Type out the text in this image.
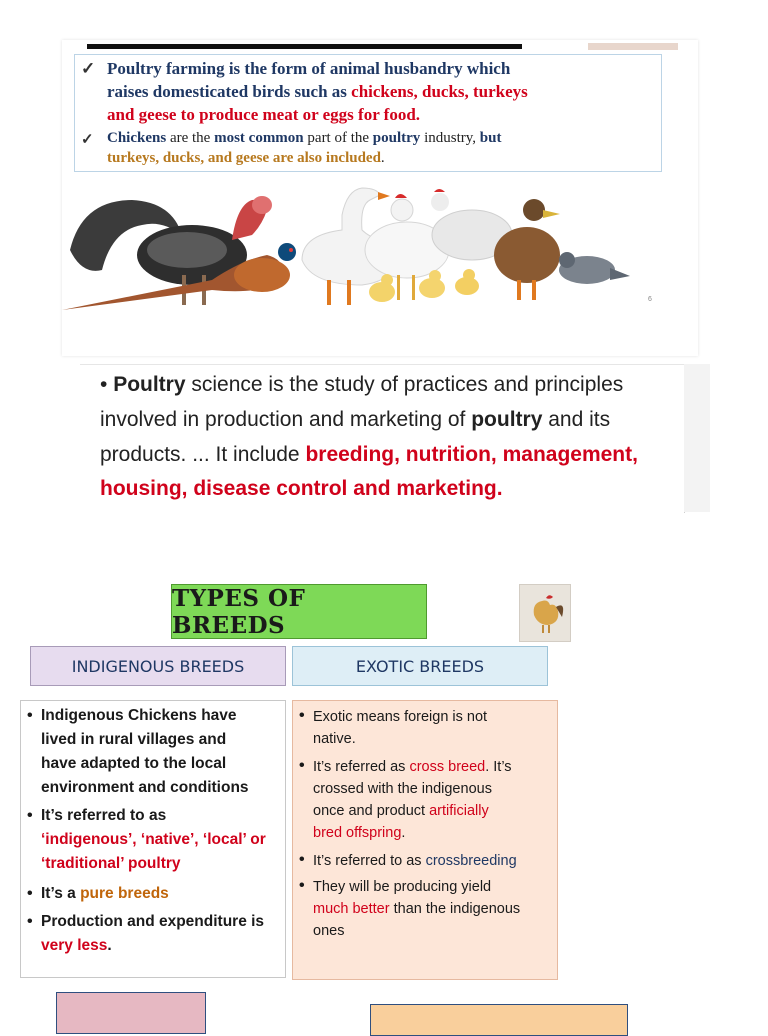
✓ Poultry farming is the form of animal husbandry which
raises domesticated birds such as chickens, ducks, turkeys
and geese to produce meat or eggs for food.
✓ Chickens are the most common part of the poultry industry, but
turkeys, ducks, and geese are also included.
6
• Poultry science is the study of practices and principles
involved in production and marketing of poultry and its
products. ... It include breeding, nutrition, management,
housing, disease control and marketing.
TYPES OF BREEDS
INDIGENOUS BREEDS	EXOTIC BREEDS
• Indigenous Chickens have
lived in rural villages and
have adapted to the local
environment and conditions
• It’s referred to as
‘indigenous’, ‘native’, ‘local’ or
‘traditional’ poultry
• It’s a pure breeds
• Production and expenditure is
very less.
• Exotic means foreign is not
native.
• It’s referred as cross breed. It’s
crossed with the indigenous
once and product artificially
bred offspring.
• It’s referred to as crossbreeding
• They will be producing yield
much better than the indigenous
ones
